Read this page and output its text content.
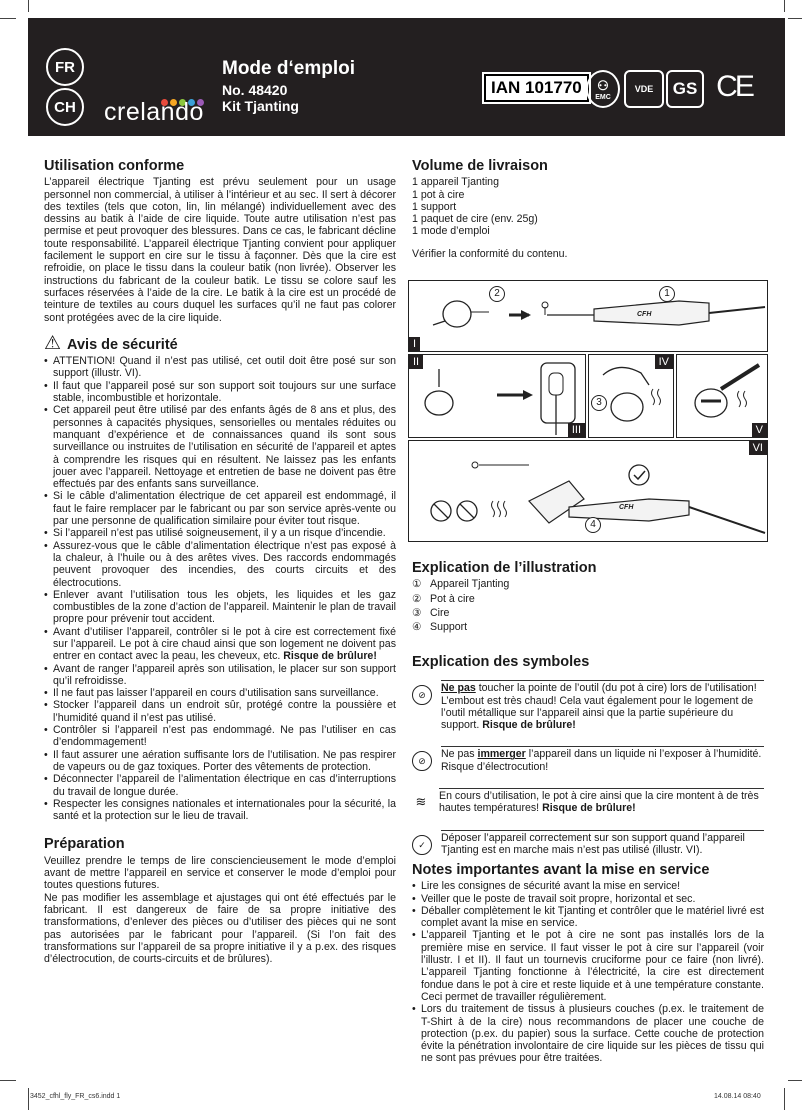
FR
CH	crelando
Mode d‘emploi
No. 48420
Kit Tjanting
IAN 101770	⚇
EMC
VDE	GS CE
Utilisation conforme

L’appareil électrique Tjanting est prévu seulement pour un usage personnel non commercial, à utiliser à l’intérieur et au sec. Il sert à décorer des textiles (tels que coton, lin, lin mélangé) individuellement avec des dessins au batik à l’aide de cire liquide. Toute autre utilisation n’est pas permise et peut provoquer des blessures. Dans ce cas, le fabricant décline toute responsabilité. L’appareil électrique Tjanting convient pour appliquer facilement le support en cire sur le tissu à façonner. Dès que la cire est refroidie, on place le tissu dans la couleur batik (non livrée). Observer les instructions du fabricant de la couleur batik. Le tissu se colore sauf les surfaces réservées à l’aide de la cire. Le batik à la cire est un procédé de teinture de textiles au cours duquel les surfaces qu’il ne faut pas colorer sont protégées avec de la cire liquide.

⚠ Avis de sécurité
• ATTENTION! Quand il n’est pas utilisé, cet outil doit être posé sur son support (illustr. VI).
• Il faut que l’appareil posé sur son support soit toujours sur une surface stable, incombustible et horizontale.
• Cet appareil peut être utilisé par des enfants âgés de 8 ans et plus, des personnes à capacités physiques, sensorielles ou mentales réduites ou manquant d’expérience et de connaissances quand ils sont sous surveillance ou instruites de l’utilisation en sécurité de l’appareil et aptes à comprendre les risques qui en résultent. Ne laissez pas les enfants jouer avec l’appareil. Nettoyage et entretien de base ne doivent pas être effectués par des enfants sans surveillance.
• Si le câble d’alimentation électrique de cet appareil est endommagé, il faut le faire remplacer par le fabricant ou par son service après-vente ou par une personne de qualification similaire pour éviter tout risque.
• Si l’appareil n’est pas utilisé soigneusement, il y a un risque d’incendie.
• Assurez-vous que le câble d’alimentation électrique n’est pas exposé à la chaleur, à l’huile ou à des arêtes vives. Des raccords endommagés peuvent provoquer des incendies, des courts circuits et des électrocutions.
• Enlever avant l’utilisation tous les objets, les liquides et les gaz combustibles de la zone d’action de l’appareil. Maintenir le plan de travail propre pour prévenir tout accident.
• Avant d’utiliser l’appareil, contrôler si le pot à cire est correctement fixé sur l’appareil. Le pot à cire chaud ainsi que son logement ne doivent pas entrer en contact avec la peau, les cheveux, etc. Risque de brûlure!
• Avant de ranger l’appareil après son utilisation, le placer sur son support qu’il refroidisse.
• Il ne faut pas laisser l’appareil en cours d’utilisation sans surveillance.
• Stocker l’appareil dans un endroit sûr, protégé contre la poussière et l’humidité quand il n’est pas utilisé.
• Contrôler si l’appareil n’est pas endommagé. Ne pas l’utiliser en cas d’endommagement!
• Il faut assurer une aération suffisante lors de l’utilisation. Ne pas respirer de vapeurs ou de gaz toxiques. Porter des vêtements de protection.
• Déconnecter l’appareil de l’alimentation électrique en cas d’interruptions du travail de longue durée.
• Respecter les consignes nationales et internationales pour la sécurité, la santé et la protection sur le lieu de travail.
Préparation

Veuillez prendre le temps de lire consciencieusement le mode d’emploi avant de mettre l’appareil en service et conserver le mode d’emploi pour toutes questions futures.

Ne pas modifier les assemblage et ajustages qui ont été effectués par le fabricant. Il est dangereux de faire de sa propre initiative des transformations, d’enlever des pièces ou d’utiliser des pièces qui ne sont pas autorisées par le fabricant pour l’appareil. (Si l’on fait des transformations sur l’appareil de sa propre initiative il y a p.ex. des risques d’électrocution, de courts-circuits et de brûlures).

Volume de livraison
1 appareil Tjanting
1 pot à cire
1 support
1 paquet de cire (env. 25g)
1 mode d’emploi
Vérifier la conformité du contenu.
CFH
2	1
I
II
III
3
IV
V
CFH
4
VI
Explication de l’illustration
① Appareil Tjanting
② Pot à cire
③ Cire
④ Support
Explication des symboles
⊘
Ne pas toucher la pointe de l’outil (du pot à cire) lors de l’utilisation! L’embout est très chaud! Cela vaut également pour le logement de l’outil métallique sur l’appareil ainsi que la partie supérieure du support. Risque de brûlure!
⊘
Ne pas immerger l’appareil dans un liquide ni l’exposer à l’humidité. Risque d’électrocution!
≋	En cours d’utilisation, le pot à cire ainsi que la cire montent à de très hautes températures! Risque de brûlure!
✓
Déposer l’appareil correctement sur son support quand l’appareil Tjanting est en marche mais n’est pas utilisé (illustr. VI).
Notes importantes avant la mise en service
• Lire les consignes de sécurité avant la mise en service!
• Veiller que le poste de travail soit propre, horizontal et sec.
• Déballer complètement le kit Tjanting et contrôler que le matériel livré est complet avant la mise en service.
• L’appareil Tjanting et le pot à cire ne sont pas installés lors de la première mise en service. Il faut visser le pot à cire sur l’appareil (voir l’illustr. I et II). Il faut un tournevis cruciforme pour ce faire (non livré). L’appareil Tjanting fonctionne à l’électricité, la cire est directement fondue dans le pot à cire et reste liquide et à une température constante. Ceci permet de travailler régulièrement.
• Lors du traitement de tissus à plusieurs couches (p.ex. le traitement de T-Shirt à de la cire) nous recommandons de placer une couche de protection (p.ex. du papier) sous la surface. Cette couche de protection évite la pénétration involontaire de cire liquide sur les pièces de tissu qui ne sont pas prévues pour être traitées.
3452_cfhl_fly_FR_cs6.indd 1	14.08.14 08:40
